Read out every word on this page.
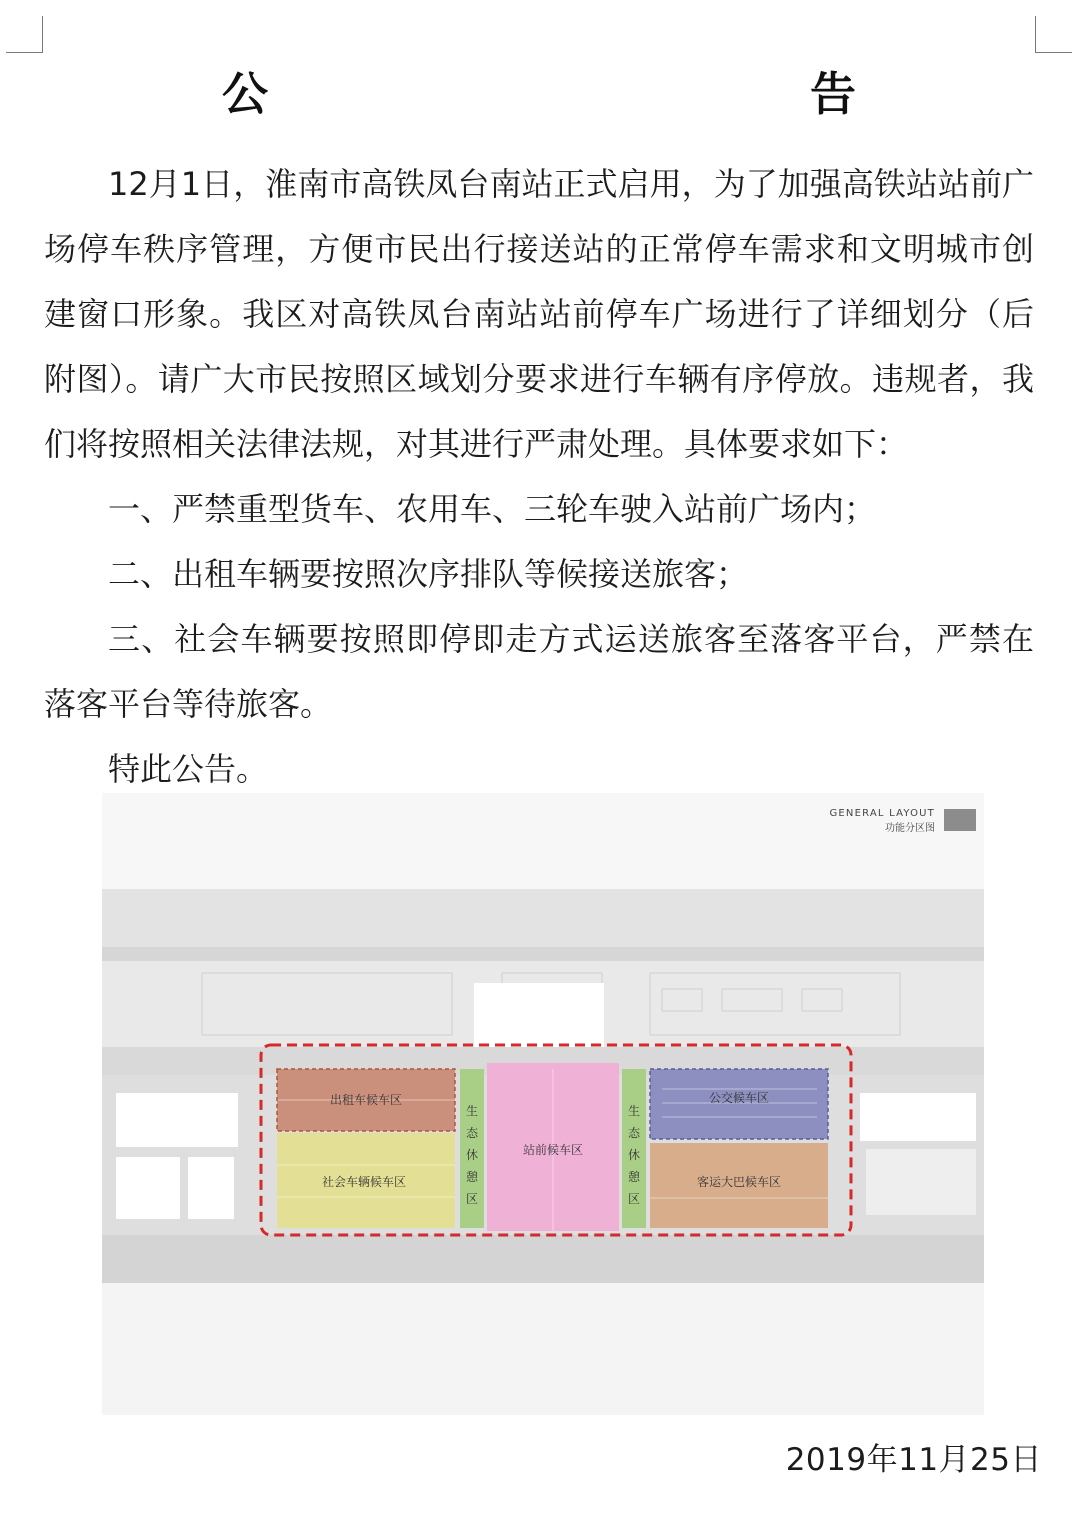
公　　告

12月1日，淮南市高铁凤台南站正式启用，为了加强高铁站站前广场停车秩序管理，方便市民出行接送站的正常停车需求和文明城市创建窗口形象。我区对高铁凤台南站站前停车广场进行了详细划分（后附图）。请广大市民按照区域划分要求进行车辆有序停放。违规者，我们将按照相关法律法规，对其进行严肃处理。具体要求如下：

一、严禁重型货车、农用车、三轮车驶入站前广场内；

二、出租车辆要按照次序排队等候接送旅客；

三、社会车辆要按照即停即走方式运送旅客至落客平台，严禁在落客平台等待旅客。

特此公告。

GENERAL LAYOUT
功能分区图
出租车候车区
社会车辆候车区
站前候车区
公交候车区
客运大巴候车区
生
态
休
憩
区
生
态
休
憩
区
2019年11月25日
